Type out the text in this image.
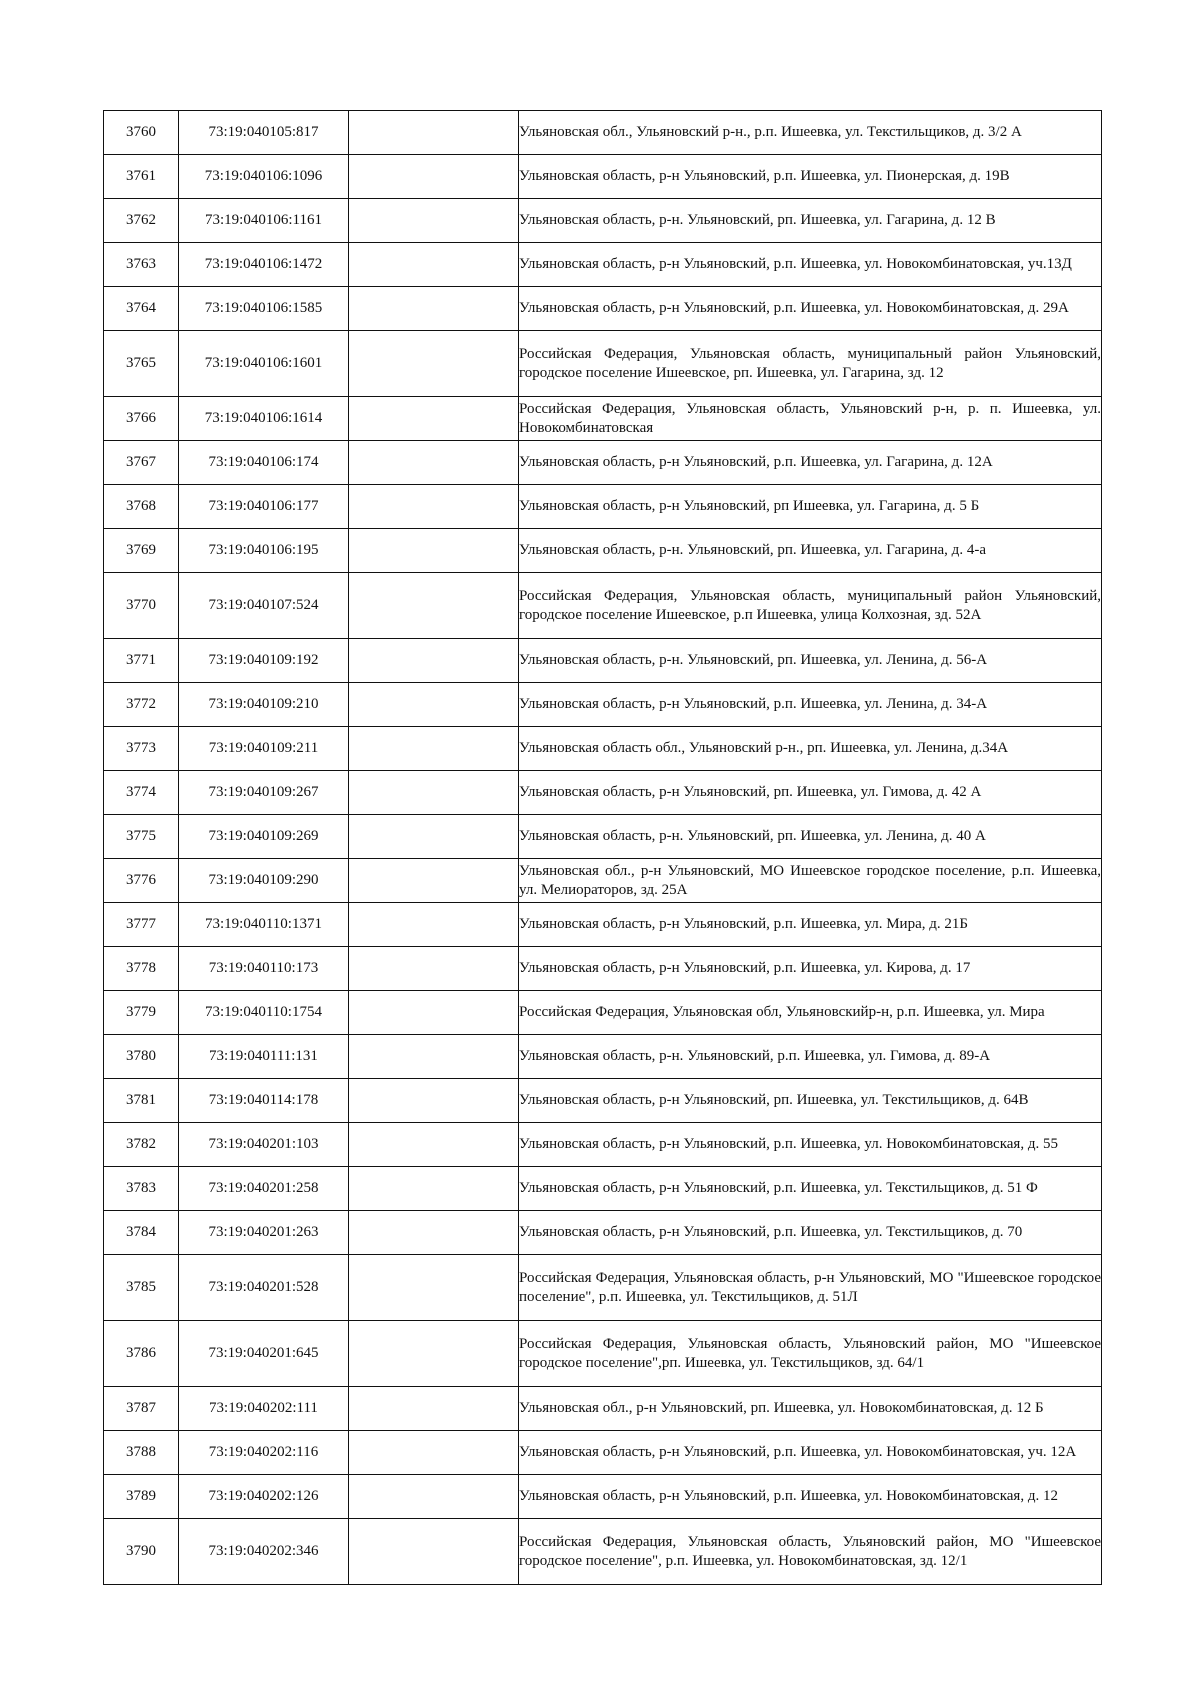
3760	73:19:040105:817		Ульяновская обл., Ульяновский р-н., р.п. Ишеевка, ул. Текстильщиков, д. 3/2 А
3761	73:19:040106:1096		Ульяновская область, р-н Ульяновский, р.п. Ишеевка, ул. Пионерская, д. 19В
3762	73:19:040106:1161		Ульяновская область, р-н. Ульяновский, рп. Ишеевка, ул. Гагарина, д. 12 В
3763	73:19:040106:1472		Ульяновская область, р-н Ульяновский, р.п. Ишеевка, ул. Новокомбинатовская, уч.13Д
3764	73:19:040106:1585		Ульяновская область, р-н Ульяновский, р.п. Ишеевка, ул. Новокомбинатовская, д. 29А
3765	73:19:040106:1601		Российская Федерация, Ульяновская область, муниципальный район Ульяновский, городское поселение Ишеевское, рп. Ишеевка, ул. Гагарина, зд. 12
3766	73:19:040106:1614		Российская Федерация, Ульяновская область, Ульяновский р-н, р. п. Ишеевка, ул. Новокомбинатовская
3767	73:19:040106:174		Ульяновская область, р-н Ульяновский, р.п. Ишеевка, ул. Гагарина, д. 12А
3768	73:19:040106:177		Ульяновская область, р-н Ульяновский, рп Ишеевка, ул. Гагарина, д. 5 Б
3769	73:19:040106:195		Ульяновская область, р-н. Ульяновский, рп. Ишеевка, ул. Гагарина, д. 4-а
3770	73:19:040107:524		Российская Федерация, Ульяновская область, муниципальный район Ульяновский, городское поселение Ишеевское, р.п Ишеевка, улица Колхозная, зд. 52А
3771	73:19:040109:192		Ульяновская область, р-н. Ульяновский, рп. Ишеевка, ул. Ленина, д. 56-А
3772	73:19:040109:210		Ульяновская область, р-н Ульяновский, р.п. Ишеевка, ул. Ленина, д. 34-А
3773	73:19:040109:211		Ульяновская область обл., Ульяновский р-н., рп. Ишеевка, ул. Ленина, д.34А
3774	73:19:040109:267		Ульяновская область, р-н Ульяновский, рп. Ишеевка, ул. Гимова, д. 42 А
3775	73:19:040109:269		Ульяновская область, р-н. Ульяновский, рп. Ишеевка, ул. Ленина, д. 40 А
3776	73:19:040109:290		Ульяновская обл., р-н Ульяновский, МО Ишеевское городское поселение, р.п. Ишеевка, ул. Мелиораторов, зд. 25А
3777	73:19:040110:1371		Ульяновская область, р-н Ульяновский, р.п. Ишеевка, ул. Мира, д. 21Б
3778	73:19:040110:173		Ульяновская область, р-н Ульяновский, р.п. Ишеевка, ул. Кирова, д. 17
3779	73:19:040110:1754		Российская Федерация, Ульяновская обл, Ульяновскийр-н, р.п. Ишеевка, ул. Мира
3780	73:19:040111:131		Ульяновская область, р-н. Ульяновский, р.п. Ишеевка, ул. Гимова, д. 89-А
3781	73:19:040114:178		Ульяновская область, р-н Ульяновский, рп. Ишеевка, ул. Текстильщиков, д. 64В
3782	73:19:040201:103		Ульяновская область, р-н Ульяновский, р.п. Ишеевка, ул. Новокомбинатовская, д. 55
3783	73:19:040201:258		Ульяновская область, р-н Ульяновский, р.п. Ишеевка, ул. Текстильщиков, д. 51 Ф
3784	73:19:040201:263		Ульяновская область, р-н Ульяновский, р.п. Ишеевка, ул. Текстильщиков, д. 70
3785	73:19:040201:528		Российская Федерация, Ульяновская область, р-н Ульяновский, МО "Ишеевское городское поселение", р.п. Ишеевка, ул. Текстильщиков, д. 51Л
3786	73:19:040201:645		Российская Федерация, Ульяновская область, Ульяновский район, МО "Ишеевское городское поселение",рп. Ишеевка, ул. Текстильщиков, зд. 64/1
3787	73:19:040202:111		Ульяновская обл., р-н Ульяновский, рп. Ишеевка, ул. Новокомбинатовская, д. 12 Б
3788	73:19:040202:116		Ульяновская область, р-н Ульяновский, р.п. Ишеевка, ул. Новокомбинатовская, уч. 12А
3789	73:19:040202:126		Ульяновская область, р-н Ульяновский, р.п. Ишеевка, ул. Новокомбинатовская, д. 12
3790	73:19:040202:346		Российская Федерация, Ульяновская область, Ульяновский район, МО "Ишеевское городское поселение", р.п. Ишеевка, ул. Новокомбинатовская, зд. 12/1
